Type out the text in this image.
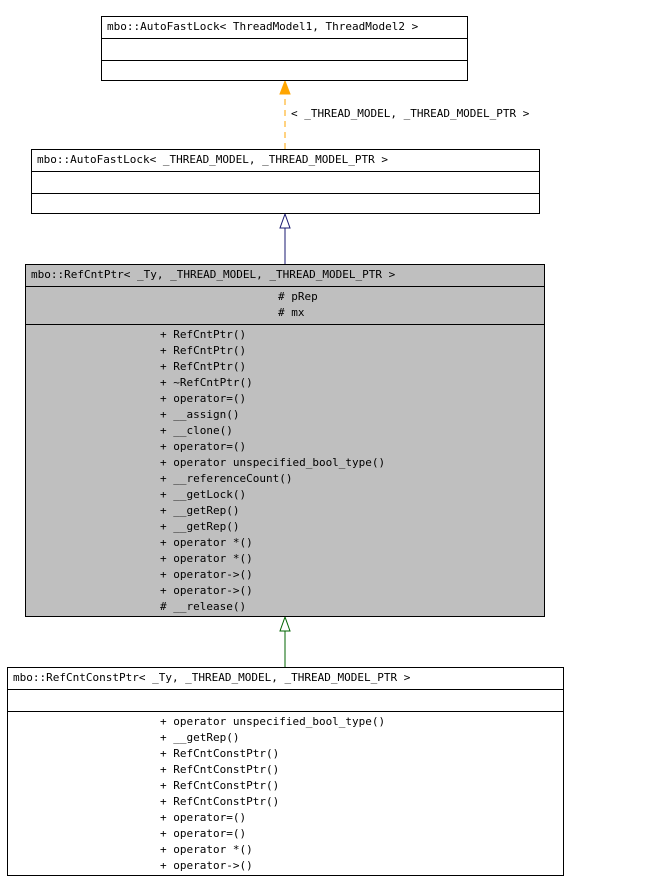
< _THREAD_MODEL, _THREAD_MODEL_PTR >
mbo::AutoFastLock< ThreadModel1, ThreadModel2 >
mbo::AutoFastLock< _THREAD_MODEL, _THREAD_MODEL_PTR >
mbo::RefCntPtr< _Ty, _THREAD_MODEL, _THREAD_MODEL_PTR >
# pRep
# mx
+ RefCntPtr()
+ RefCntPtr()
+ RefCntPtr()
+ ~RefCntPtr()
+ operator=()
+ __assign()
+ __clone()
+ operator=()
+ operator unspecified_bool_type()
+ __referenceCount()
+ __getLock()
+ __getRep()
+ __getRep()
+ operator *()
+ operator *()
+ operator->()
+ operator->()
# __release()
mbo::RefCntConstPtr< _Ty, _THREAD_MODEL, _THREAD_MODEL_PTR >
+ operator unspecified_bool_type()
+ __getRep()
+ RefCntConstPtr()
+ RefCntConstPtr()
+ RefCntConstPtr()
+ RefCntConstPtr()
+ operator=()
+ operator=()
+ operator *()
+ operator->()
